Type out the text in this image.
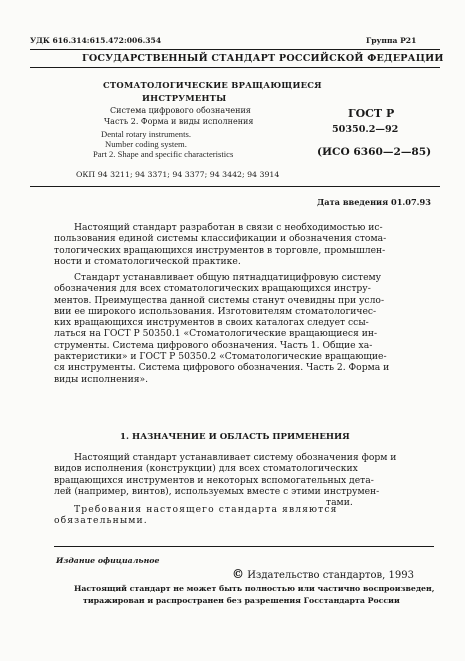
УДК 616.314:615.472:006.354	Группа Р21
ГОСУДАРСТВЕННЫЙ СТАНДАРТ РОССИЙСКОЙ ФЕДЕРАЦИИ
СТОМАТОЛОГИЧЕСКИЕ ВРАЩАЮЩИЕСЯ
ИНСТРУМЕНТЫ
Система цифрового обозначения
Часть 2. Форма и виды исполнения
Dental rotary instruments.
Number coding system.
Part 2. Shape and specific characteristics
ГОСТ Р
50350.2—92
(ИСО 6360—2—85)
ОКП 94 3211; 94 3371; 94 3377; 94 3442; 94 3914
Дата введения 01.07.93
Настоящий стандарт разработан в связи с необходимостью ис-
пользования единой системы классификации и обозначения стома-
тологических вращающихся инструментов в торговле, промышлен-
ности и стоматологической практике.
Стандарт устанавливает общую пятнадцатицифровую систему
обозначения для всех стоматологических вращающихся инстру-
ментов. Преимущества данной системы станут очевидны при усло-
вии ее широкого использования. Изготовителям стоматологичес-
ких вращающихся инструментов в своих каталогах следует ссы-
латься на ГОСТ Р 50350.1 «Стоматологические вращающиеся ин-
струменты. Система цифрового обозначения. Часть 1. Общие ха-
рактеристики» и ГОСТ Р 50350.2 «Стоматологические вращающие-
ся инструменты. Система цифрового обозначения. Часть 2. Форма и
виды исполнения».
1. НАЗНАЧЕНИЕ И ОБЛАСТЬ ПРИМЕНЕНИЯ
Настоящий стандарт устанавливает систему обозначения форм и
видов исполнения (конструкции) для всех стоматологических
вращающихся инструментов и некоторых вспомогательных дета-
лей (например, винтов), используемых вместе с этими инструмен-
тами.
Требования настоящего стандарта являются
обязательными.
Издание официальное
© Издательство стандартов, 1993
Настоящий стандарт не может быть полностью или частично воспроизведен,
тиражирован и распространен без разрешения Госстандарта России
